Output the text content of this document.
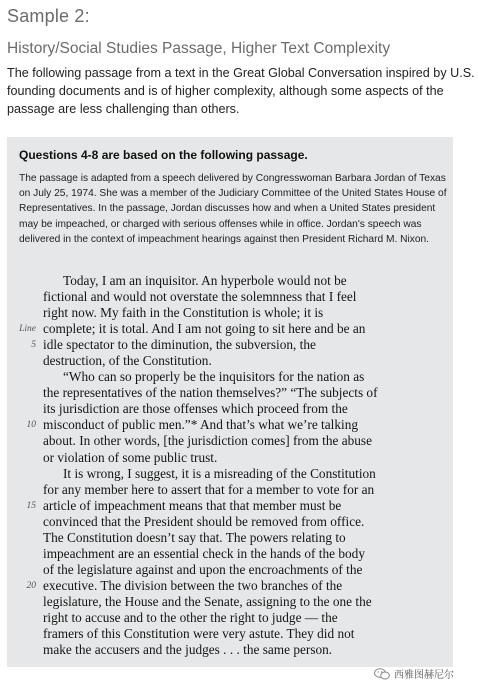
Sample 2:
History/Social Studies Passage, Higher Text Complexity

The following passage from a text in the Great Global Conversation inspired by U.S. founding documents and is of higher complexity, although some aspects of the passage are less challenging than others.

Questions 4-8 are based on the following passage.
The passage is adapted from a speech delivered by Congresswoman Barbara Jordan of Texas on July 25, 1974. She was a member of the Judiciary Committee of the United States House of Representatives. In the passage, Jordan discusses how and when a United States president may be impeached, or charged with serious offenses while in office. Jordan's speech was delivered in the context of impeachment hearings against then President Richard M. Nixon.
Today, I am an inquisitor. An hyperbole would not be
fictional and would not overstate the solemnness that I feel
right now. My faith in the Constitution is whole; it is
Line complete; it is total. And I am not going to sit here and be an
5 idle spectator to the diminution, the subversion, the
destruction, of the Constitution.
“Who can so properly be the inquisitors for the nation as
the representatives of the nation themselves?” “The subjects of
its jurisdiction are those offenses which proceed from the
10 misconduct of public men.”* And that’s what we’re talking
about. In other words, [the jurisdiction comes] from the abuse
or violation of some public trust.
It is wrong, I suggest, it is a misreading of the Constitution
for any member here to assert that for a member to vote for an
15 article of impeachment means that that member must be
convinced that the President should be removed from office.
The Constitution doesn’t say that. The powers relating to
impeachment are an essential check in the hands of the body
of the legislature against and upon the encroachments of the
20 executive. The division between the two branches of the
legislature, the House and the Senate, assigning to the one the
right to accuse and to the other the right to judge — the
framers of this Constitution were very astute. They did not
make the accusers and the judges . . . the same person.
西雅图赫尼尔
